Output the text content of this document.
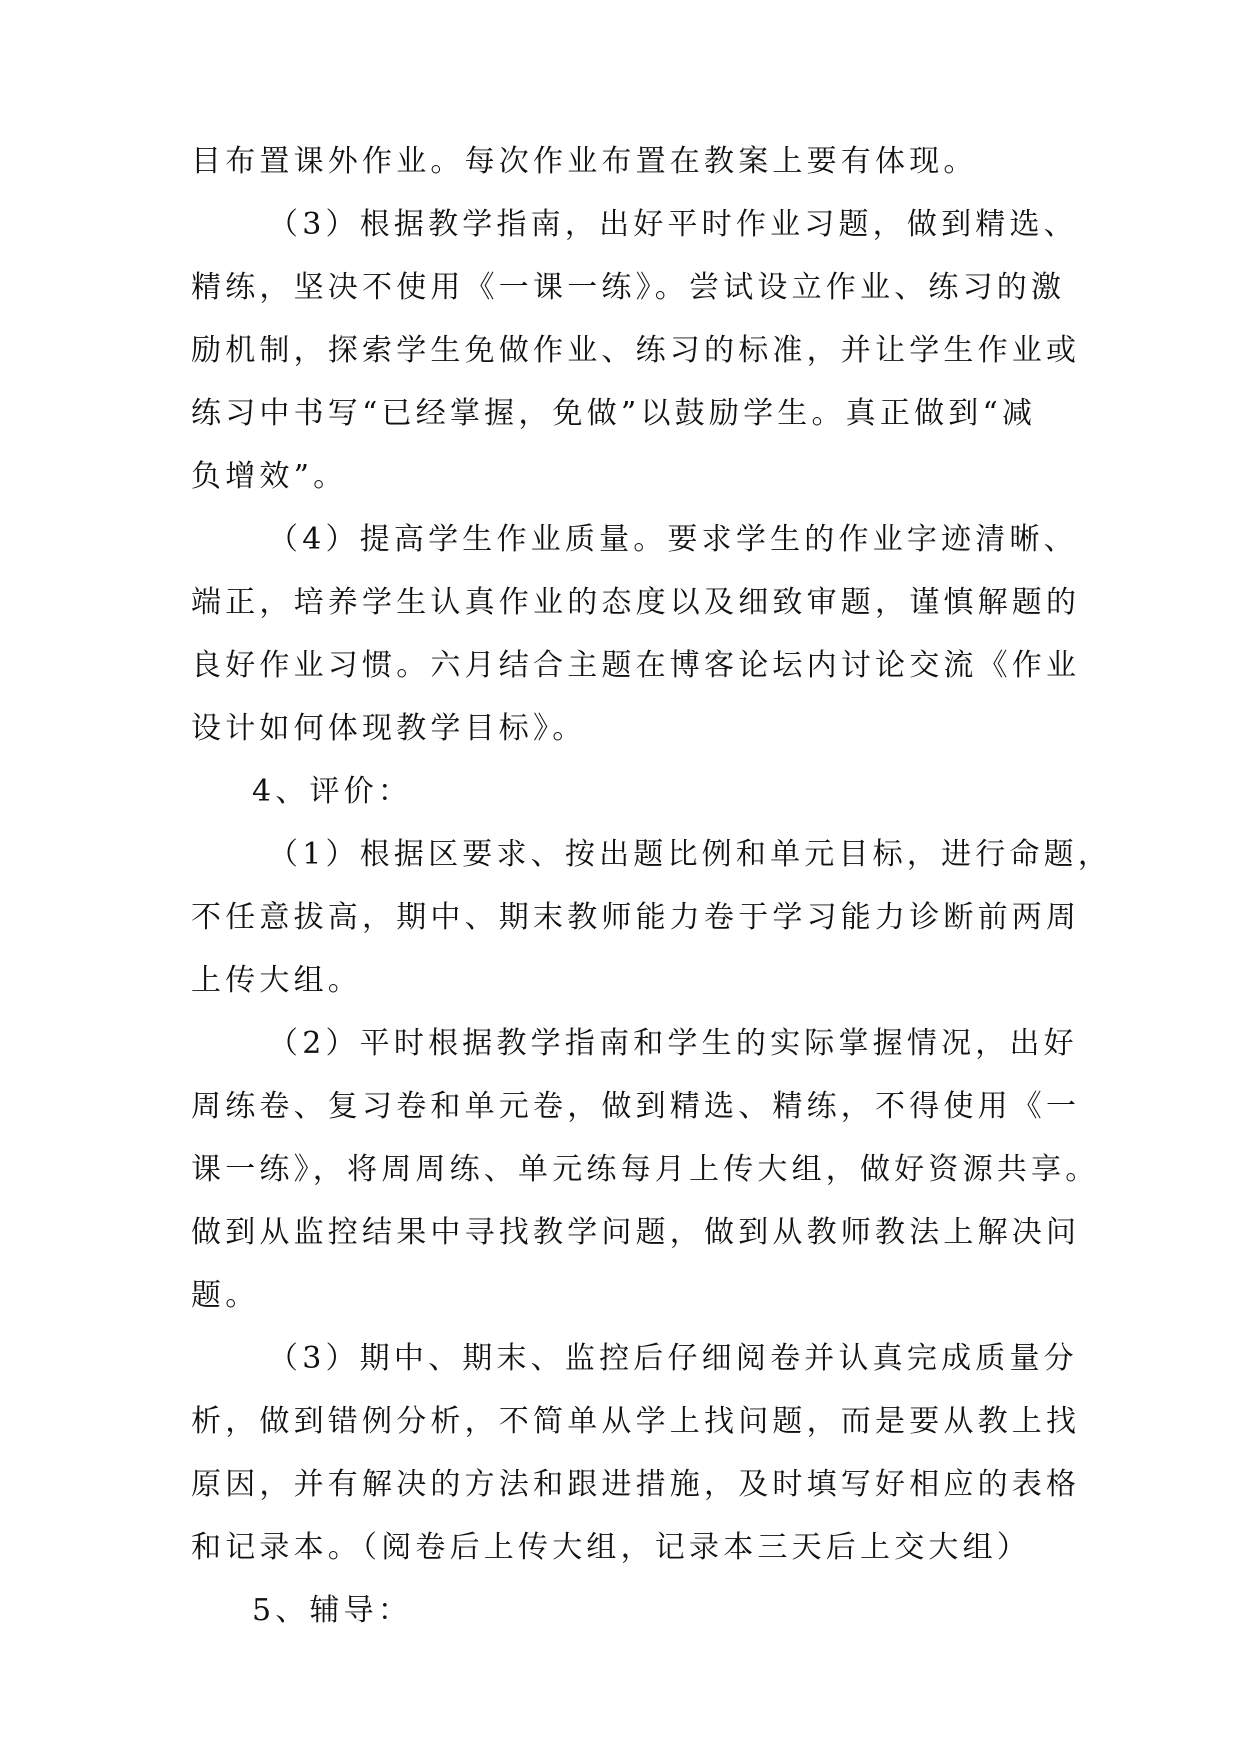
目布置课外作业。每次作业布置在教案上要有体现。
（3）根据教学指南，出好平时作业习题，做到精选、
精练，坚决不使用《一课一练》。尝试设立作业、练习的激
励机制，探索学生免做作业、练习的标准，并让学生作业或
练习中书写“已经掌握，免做”以鼓励学生。真正做到“减
负增效”。
（4）提高学生作业质量。要求学生的作业字迹清晰、
端正，培养学生认真作业的态度以及细致审题，谨慎解题的
良好作业习惯。六月结合主题在博客论坛内讨论交流《作业
设计如何体现教学目标》。
4、评价：
（1）根据区要求、按出题比例和单元目标，进行命题，
不任意拔高，期中、期末教师能力卷于学习能力诊断前两周
上传大组。
（2）平时根据教学指南和学生的实际掌握情况，出好
周练卷、复习卷和单元卷，做到精选、精练，不得使用《一
课一练》，将周周练、单元练每月上传大组，做好资源共享。
做到从监控结果中寻找教学问题，做到从教师教法上解决问
题。
（3）期中、期末、监控后仔细阅卷并认真完成质量分
析，做到错例分析，不简单从学上找问题，而是要从教上找
原因，并有解决的方法和跟进措施，及时填写好相应的表格
和记录本。（阅卷后上传大组，记录本三天后上交大组）
5、辅导：
